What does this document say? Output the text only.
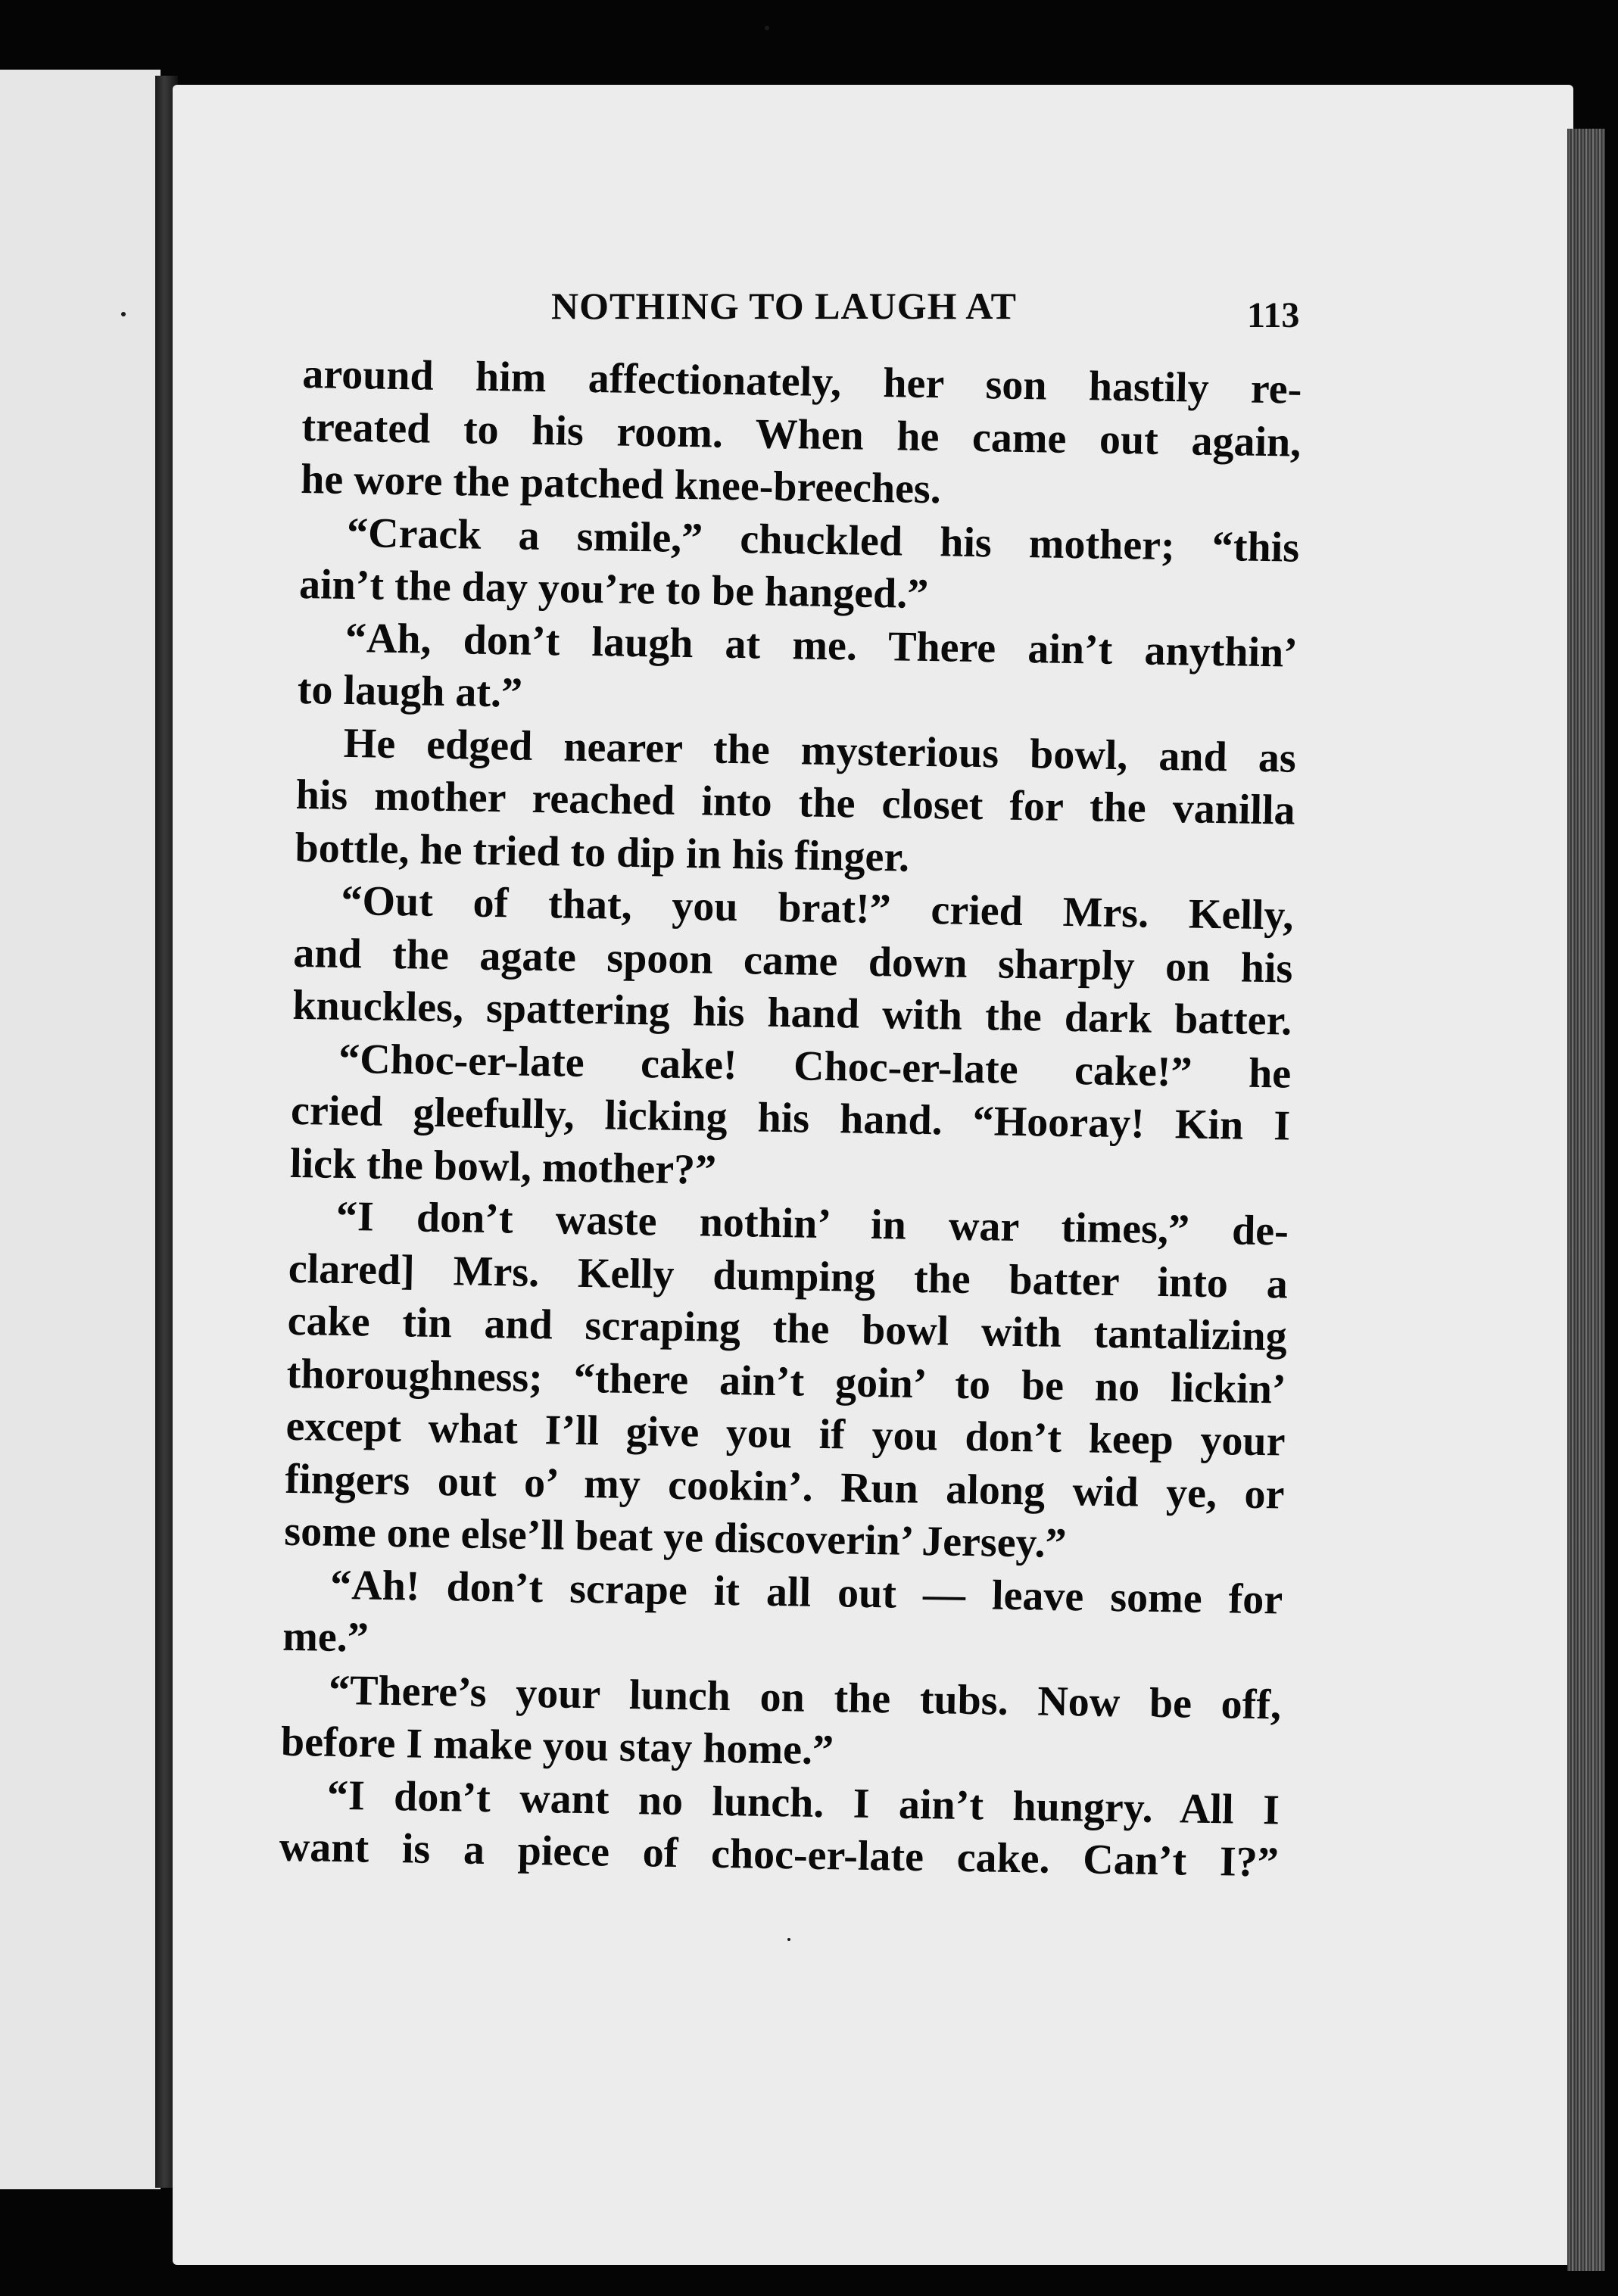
NOTHING TO LAUGH AT	113
around him affectionately, her son hastily re-
treated to his room. When he came out again,
he wore the patched knee-breeches.
“Crack a smile,” chuckled his mother; “this
ain’t the day you’re to be hanged.”
“Ah, don’t laugh at me. There ain’t anythin’
to laugh at.”
He edged nearer the mysterious bowl, and as
his mother reached into the closet for the vanilla
bottle, he tried to dip in his finger.
“Out of that, you brat!” cried Mrs. Kelly,
and the agate spoon came down sharply on his
knuckles, spattering his hand with the dark batter.
“Choc-er-late cake! Choc-er-late cake!” he
cried gleefully, licking his hand. “Hooray! Kin I
lick the bowl, mother?”
“I don’t waste nothin’ in war times,” de-
clared] Mrs. Kelly dumping the batter into a
cake tin and scraping the bowl with tantalizing
thoroughness; “there ain’t goin’ to be no lickin’
except what I’ll give you if you don’t keep your
fingers out o’ my cookin’. Run along wid ye, or
some one else’ll beat ye discoverin’ Jersey.”
“Ah! don’t scrape it all out — leave some for
me.”
“There’s your lunch on the tubs. Now be off,
before I make you stay home.”
“I don’t want no lunch. I ain’t hungry. All I
want is a piece of choc-er-late cake. Can’t I?”
